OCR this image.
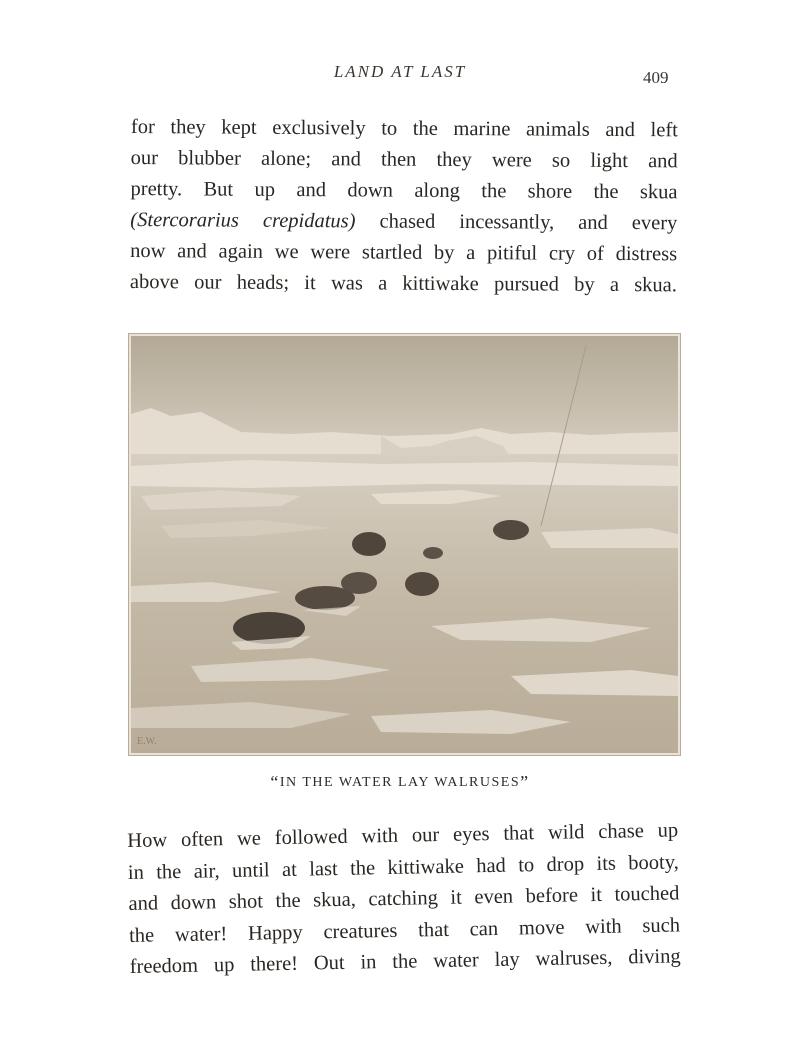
LAND AT LAST	409
for they kept exclusively to the marine animals and left
our blubber alone; and then they were so light and
pretty. But up and down along the shore the skua
(Stercorarius crepidatus) chased incessantly, and every
now and again we were startled by a pitiful cry of distress
above our heads; it was a kittiwake pursued by a skua.
E.W.
“IN THE WATER LAY WALRUSES”
How often we followed with our eyes that wild chase up
in the air, until at last the kittiwake had to drop its booty,
and down shot the skua, catching it even before it touched
the water! Happy creatures that can move with such
freedom up there! Out in the water lay walruses, diving
